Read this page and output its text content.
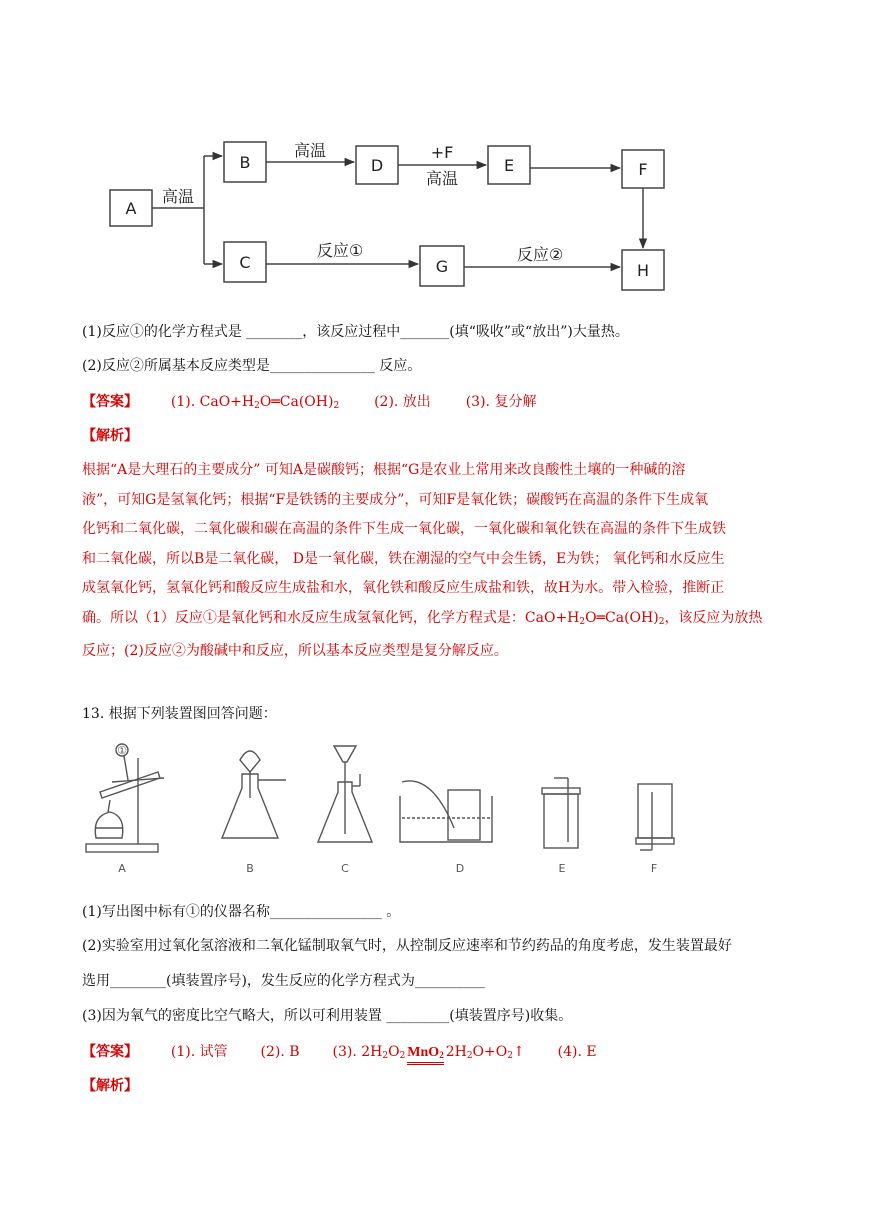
A
B	D	E	F
C	G	H
高温
高温	+F
高温
反应①	反应②
(1)反应①的化学方程式是 ________，该反应过程中_______(填“吸收”或“放出”)大量热。
(2)反应②所属基本反应类型是_______________ 反应。
【答案】 (1). $CaO+H_2O═Ca(OH)_2$ (2). 放出 (3). 复分解
【解析】

根据“A是大理石的主要成分” 可知A是碳酸钙；根据“G是农业上常用来改良酸性土壤的一种碱的溶

液”，可知G是氢氧化钙；根据“F是铁锈的主要成分”，可知F是氧化铁；碳酸钙在高温的条件下生成氧

化钙和二氧化碳，二氧化碳和碳在高温的条件下生成一氧化碳，一氧化碳和氧化铁在高温的条件下生成铁

和二氧化碳，所以B是二氧化碳， D是一氧化碳，铁在潮湿的空气中会生锈，E为铁； 氧化钙和水反应生

成氢氧化钙，氢氧化钙和酸反应生成盐和水，氧化铁和酸反应生成盐和铁，故H为水。带入检验，推断正

确。所以（1）反应①是氧化钙和水反应生成氢氧化钙，化学方程式是：$CaO+H_2O═Ca(OH)_2$，该反应为放热

反应；(2)反应②为酸碱中和反应，所以基本反应类型是复分解反应。

13. 根据下列装置图回答问题：
①
A	B	C	D	E	F
(1)写出图中标有①的仪器名称________________ 。
(2)实验室用过氧化氢溶液和二氧化锰制取氧气时，从控制反应速率和节约药品的角度考虑，发生装置最好
选用________(填装置序号)，发生反应的化学方程式为__________
(3)因为氧气的密度比空气略大，所以可利用装置 _________(填装置序号)收集。
【答案】 (1). 试管 (2). B (3). $2H_2O_2$ MnO$_2$ $2H_2O+O_2↑$ (4). E
【解析】
